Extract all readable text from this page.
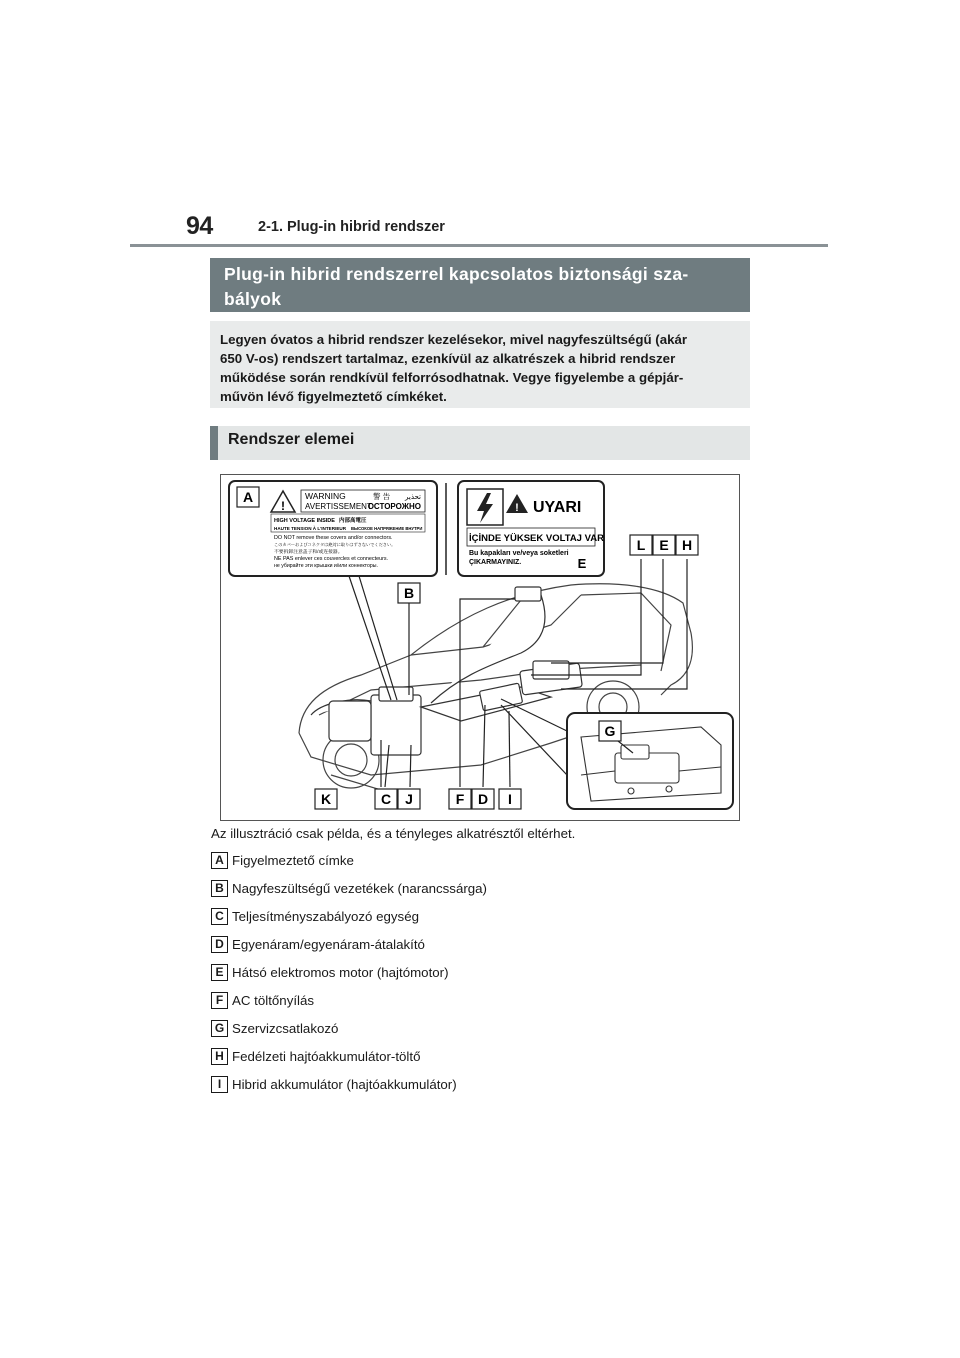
94	2-1. Plug-in hibrid rendszer
Plug-in hibrid rendszerrel kapcsolatos biztonsági sza-
bályok
Legyen óvatos a hibrid rendszer kezelésekor, mivel nagyfeszültségű (akár
650 V-os) rendszert tartalmaz, ezenkívül az alkatrészek a hibrid rendszer
működése során rendkívül felforrósodhatnak. Vegye figyelembe a gépjár-
művön lévő figyelmeztető címkéket.
Rendszer elemei
!
WARNING	警 告 تحذير
AVERTISSEMENT
ОСТОРОЖНО
HIGH VOLTAGE INSIDE 内部高電圧
HAUTE TENSION À L'INTERIEUR ВЫСОКОЕ НАПРЯЖЕНИЕ ВНУТРИ
DO NOT remove these covers and/or connectors.
このカバーおよびコネクタは絶対に取りはずさないでください。
不要拆卸注意盖子和/或连接器。
NE PAS enlever ces couvercles et connecteurs.
не убирайте эти крышки и/или коннекторы.
! UYARI
İÇİNDE YÜKSEK VOLTAJ VAR
Bu kapakları ve/veya soketleri
ÇIKARMAYINIZ.
A
E
L E H
B
G
K	C J	F D I
Az illusztráció csak példa, és a tényleges alkatrésztől eltérhet.
A Figyelmeztető címke
B Nagyfeszültségű vezetékek (narancssárga)
C Teljesítményszabályozó egység
D Egyenáram/egyenáram-átalakító
E Hátsó elektromos motor (hajtómotor)
F AC töltőnyílás
G Szervizcsatlakozó
H Fedélzeti hajtóakkumulátor-töltő
I Hibrid akkumulátor (hajtóakkumulátor)
